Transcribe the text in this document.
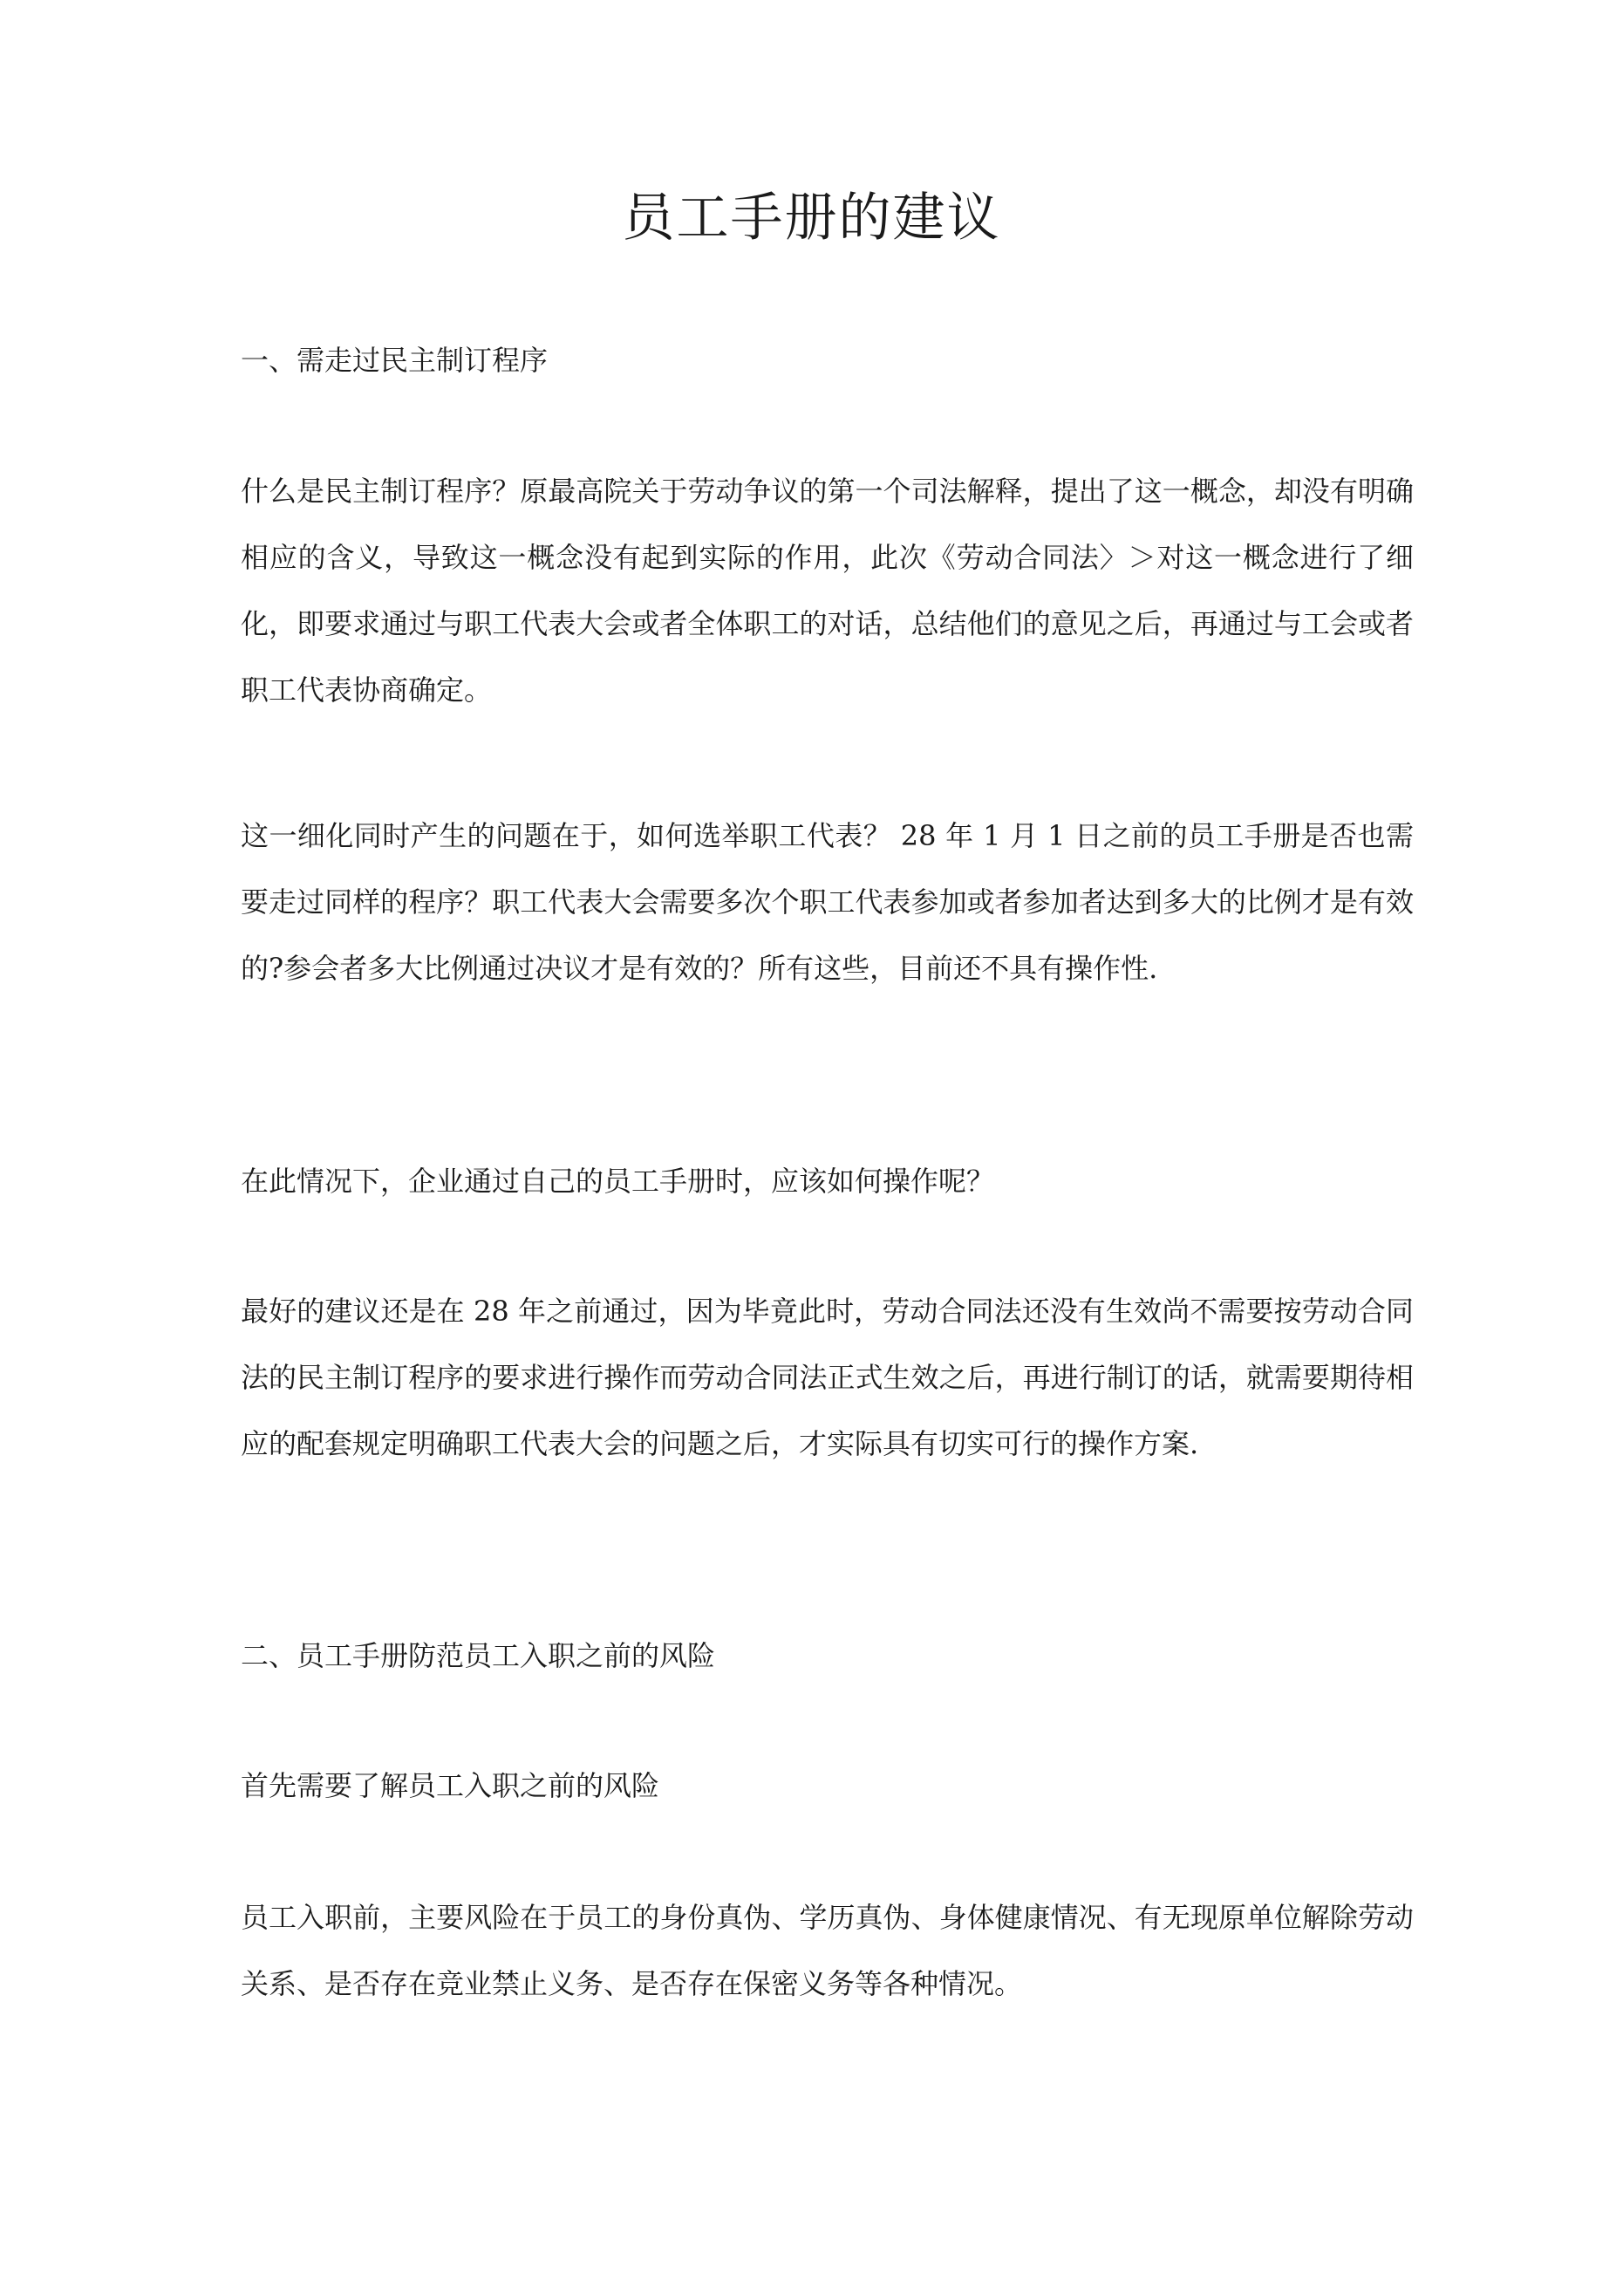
员工手册的建议

一、需走过民主制订程序

什么是民主制订程序？原最高院关于劳动争议的第一个司法解释，提出了这一概念，却没有明确相应的含义，导致这一概念没有起到实际的作用，此次《劳动合同法〉＞对这一概念进行了细化，即要求通过与职工代表大会或者全体职工的对话，总结他们的意见之后，再通过与工会或者职工代表协商确定。

这一细化同时产生的问题在于，如何选举职工代表？ 28 年 1 月 1 日之前的员工手册是否也需要走过同样的程序？职工代表大会需要多次个职工代表参加或者参加者达到多大的比例才是有效的?参会者多大比例通过决议才是有效的？所有这些，目前还不具有操作性.

在此情况下，企业通过自己的员工手册时，应该如何操作呢？

最好的建议还是在 28 年之前通过，因为毕竟此时，劳动合同法还没有生效尚不需要按劳动合同法的民主制订程序的要求进行操作而劳动合同法正式生效之后，再进行制订的话，就需要期待相应的配套规定明确职工代表大会的问题之后，才实际具有切实可行的操作方案.

二、员工手册防范员工入职之前的风险

首先需要了解员工入职之前的风险

员工入职前，主要风险在于员工的身份真伪、学历真伪、身体健康情况、有无现原单位解除劳动关系、是否存在竞业禁止义务、是否存在保密义务等各种情况。
